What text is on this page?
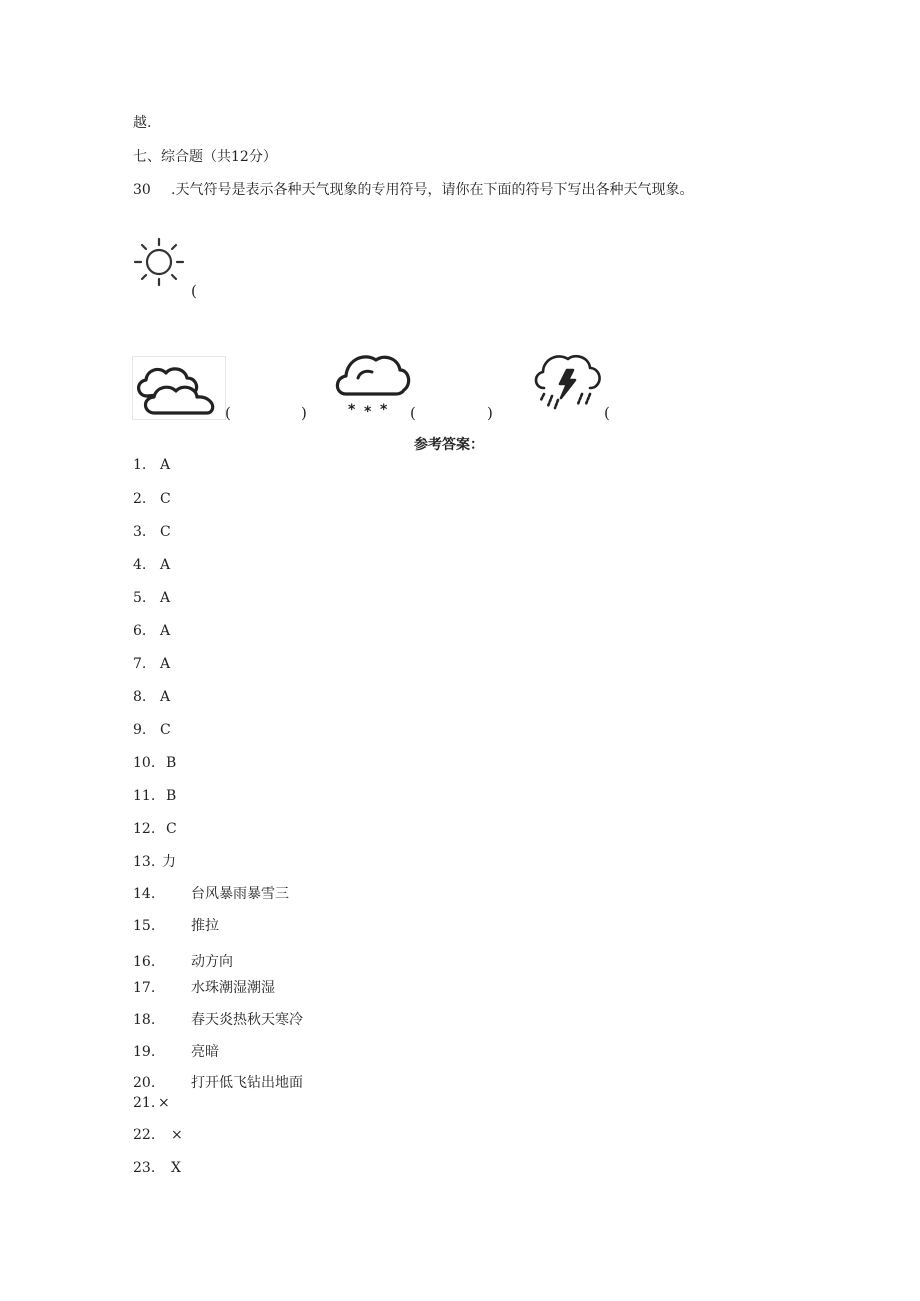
越.
七、综合题（共12分）
30 .天气符号是表示各种天气现象的专用符号，请你在下面的符号下写出各种天气现象。
(
(	)	* * * (	)	(
参考答案：
1. A
2. C
3. C
4. A
5. A
6. A
7. A
8. A
9. C
10. B
11. B
12. C
13. 力
14.	台风暴雨暴雪三
15.	推拉
16.	动方向
17.	水珠潮湿潮湿
18.	春天炎热秋天寒冷
19.	亮暗
20.	打开低飞钻出地面
21. ×
22. ×
23. X
